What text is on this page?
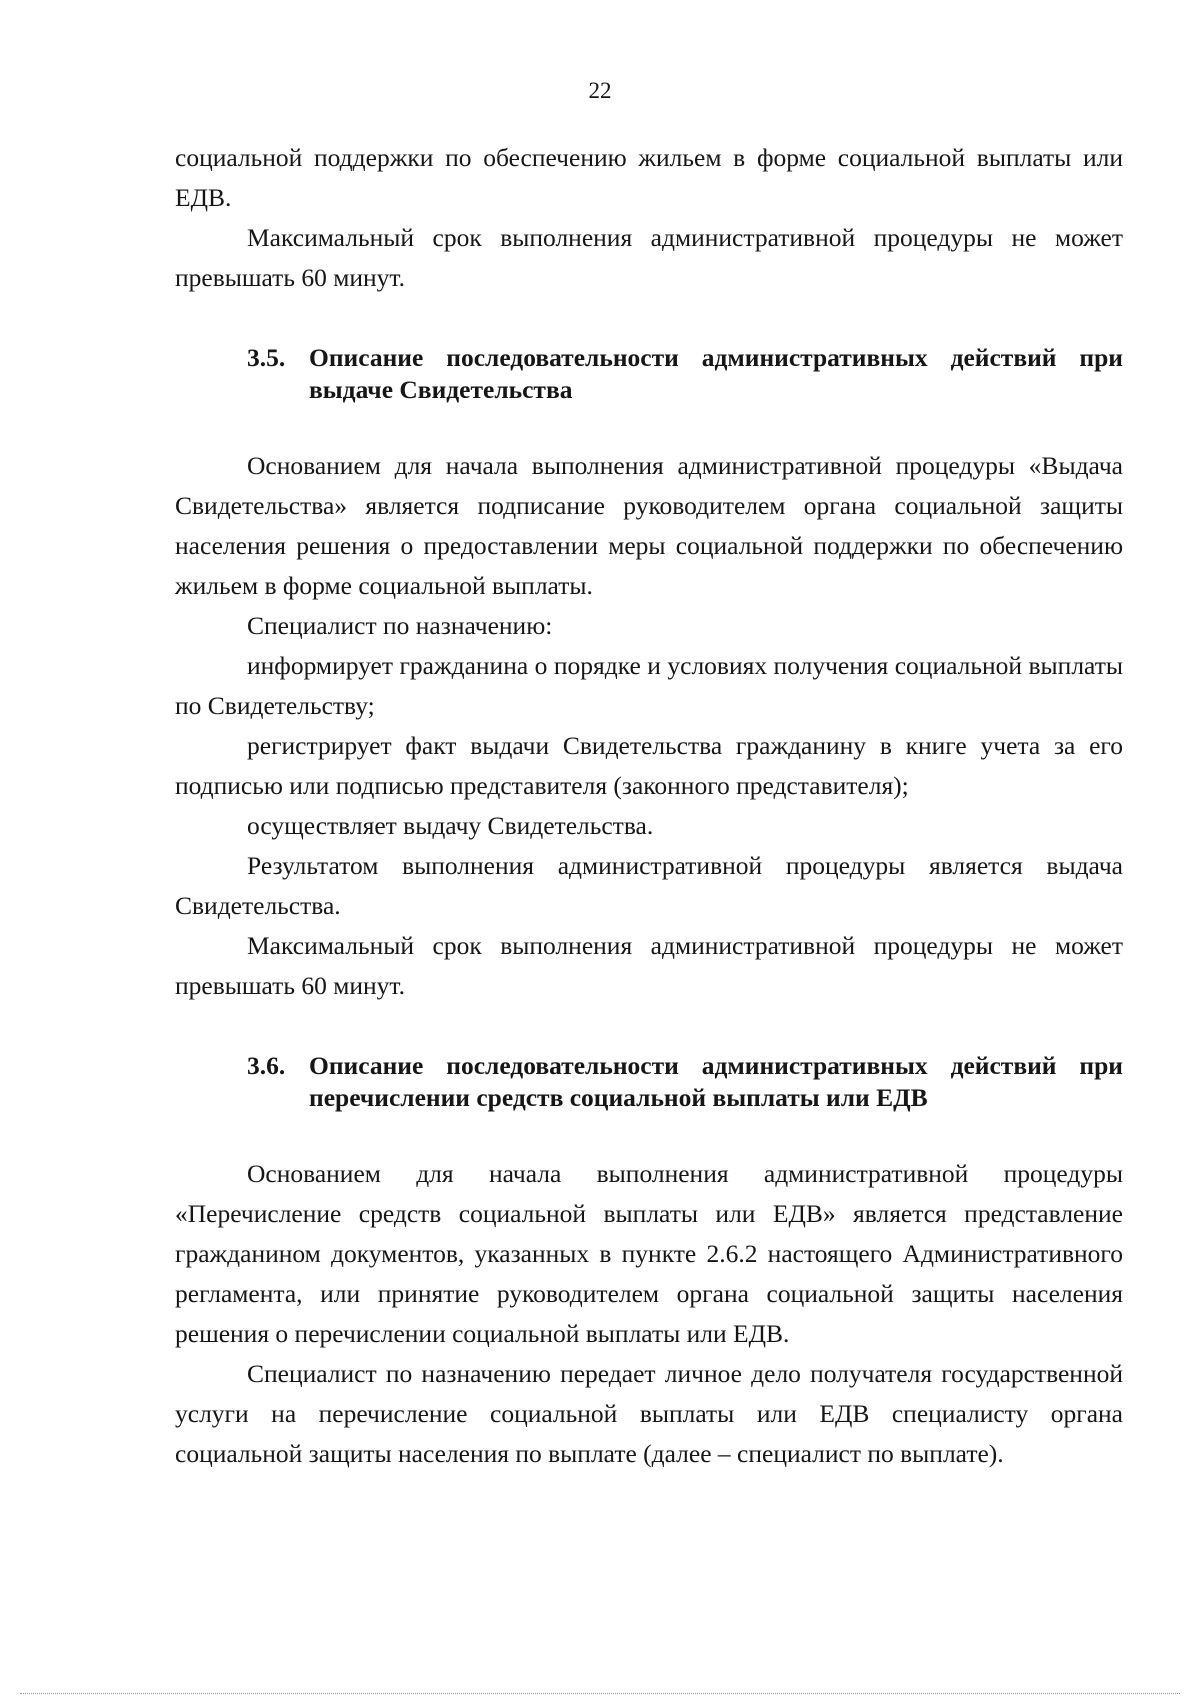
22

социальной поддержки по обеспечению жильем в форме социальной выплаты или ЕДВ.

Максимальный срок выполнения административной процедуры не может превышать 60 минут.

3.5. Описание последовательности административных действий при выдаче Свидетельства

Основанием для начала выполнения административной процедуры «Выдача Свидетельства» является подписание руководителем органа социальной защиты населения решения о предоставлении меры социальной поддержки по обеспечению жильем в форме социальной выплаты.

Специалист по назначению:

информирует гражданина о порядке и условиях получения социальной выплаты по Свидетельству;

регистрирует факт выдачи Свидетельства гражданину в книге учета за его подписью или подписью представителя (законного представителя);

осуществляет выдачу Свидетельства.

Результатом выполнения административной процедуры является выдача Свидетельства.

Максимальный срок выполнения административной процедуры не может превышать 60 минут.

3.6. Описание последовательности административных действий при перечислении средств социальной выплаты или ЕДВ

Основанием для начала выполнения административной процедуры «Перечисление средств социальной выплаты или ЕДВ» является представление гражданином документов, указанных в пункте 2.6.2 настоящего Административного регламента, или принятие руководителем органа социальной защиты населения решения о перечислении социальной выплаты или ЕДВ.

Специалист по назначению передает личное дело получателя государственной услуги на перечисление социальной выплаты или ЕДВ специалисту органа социальной защиты населения по выплате (далее – специалист по выплате).
